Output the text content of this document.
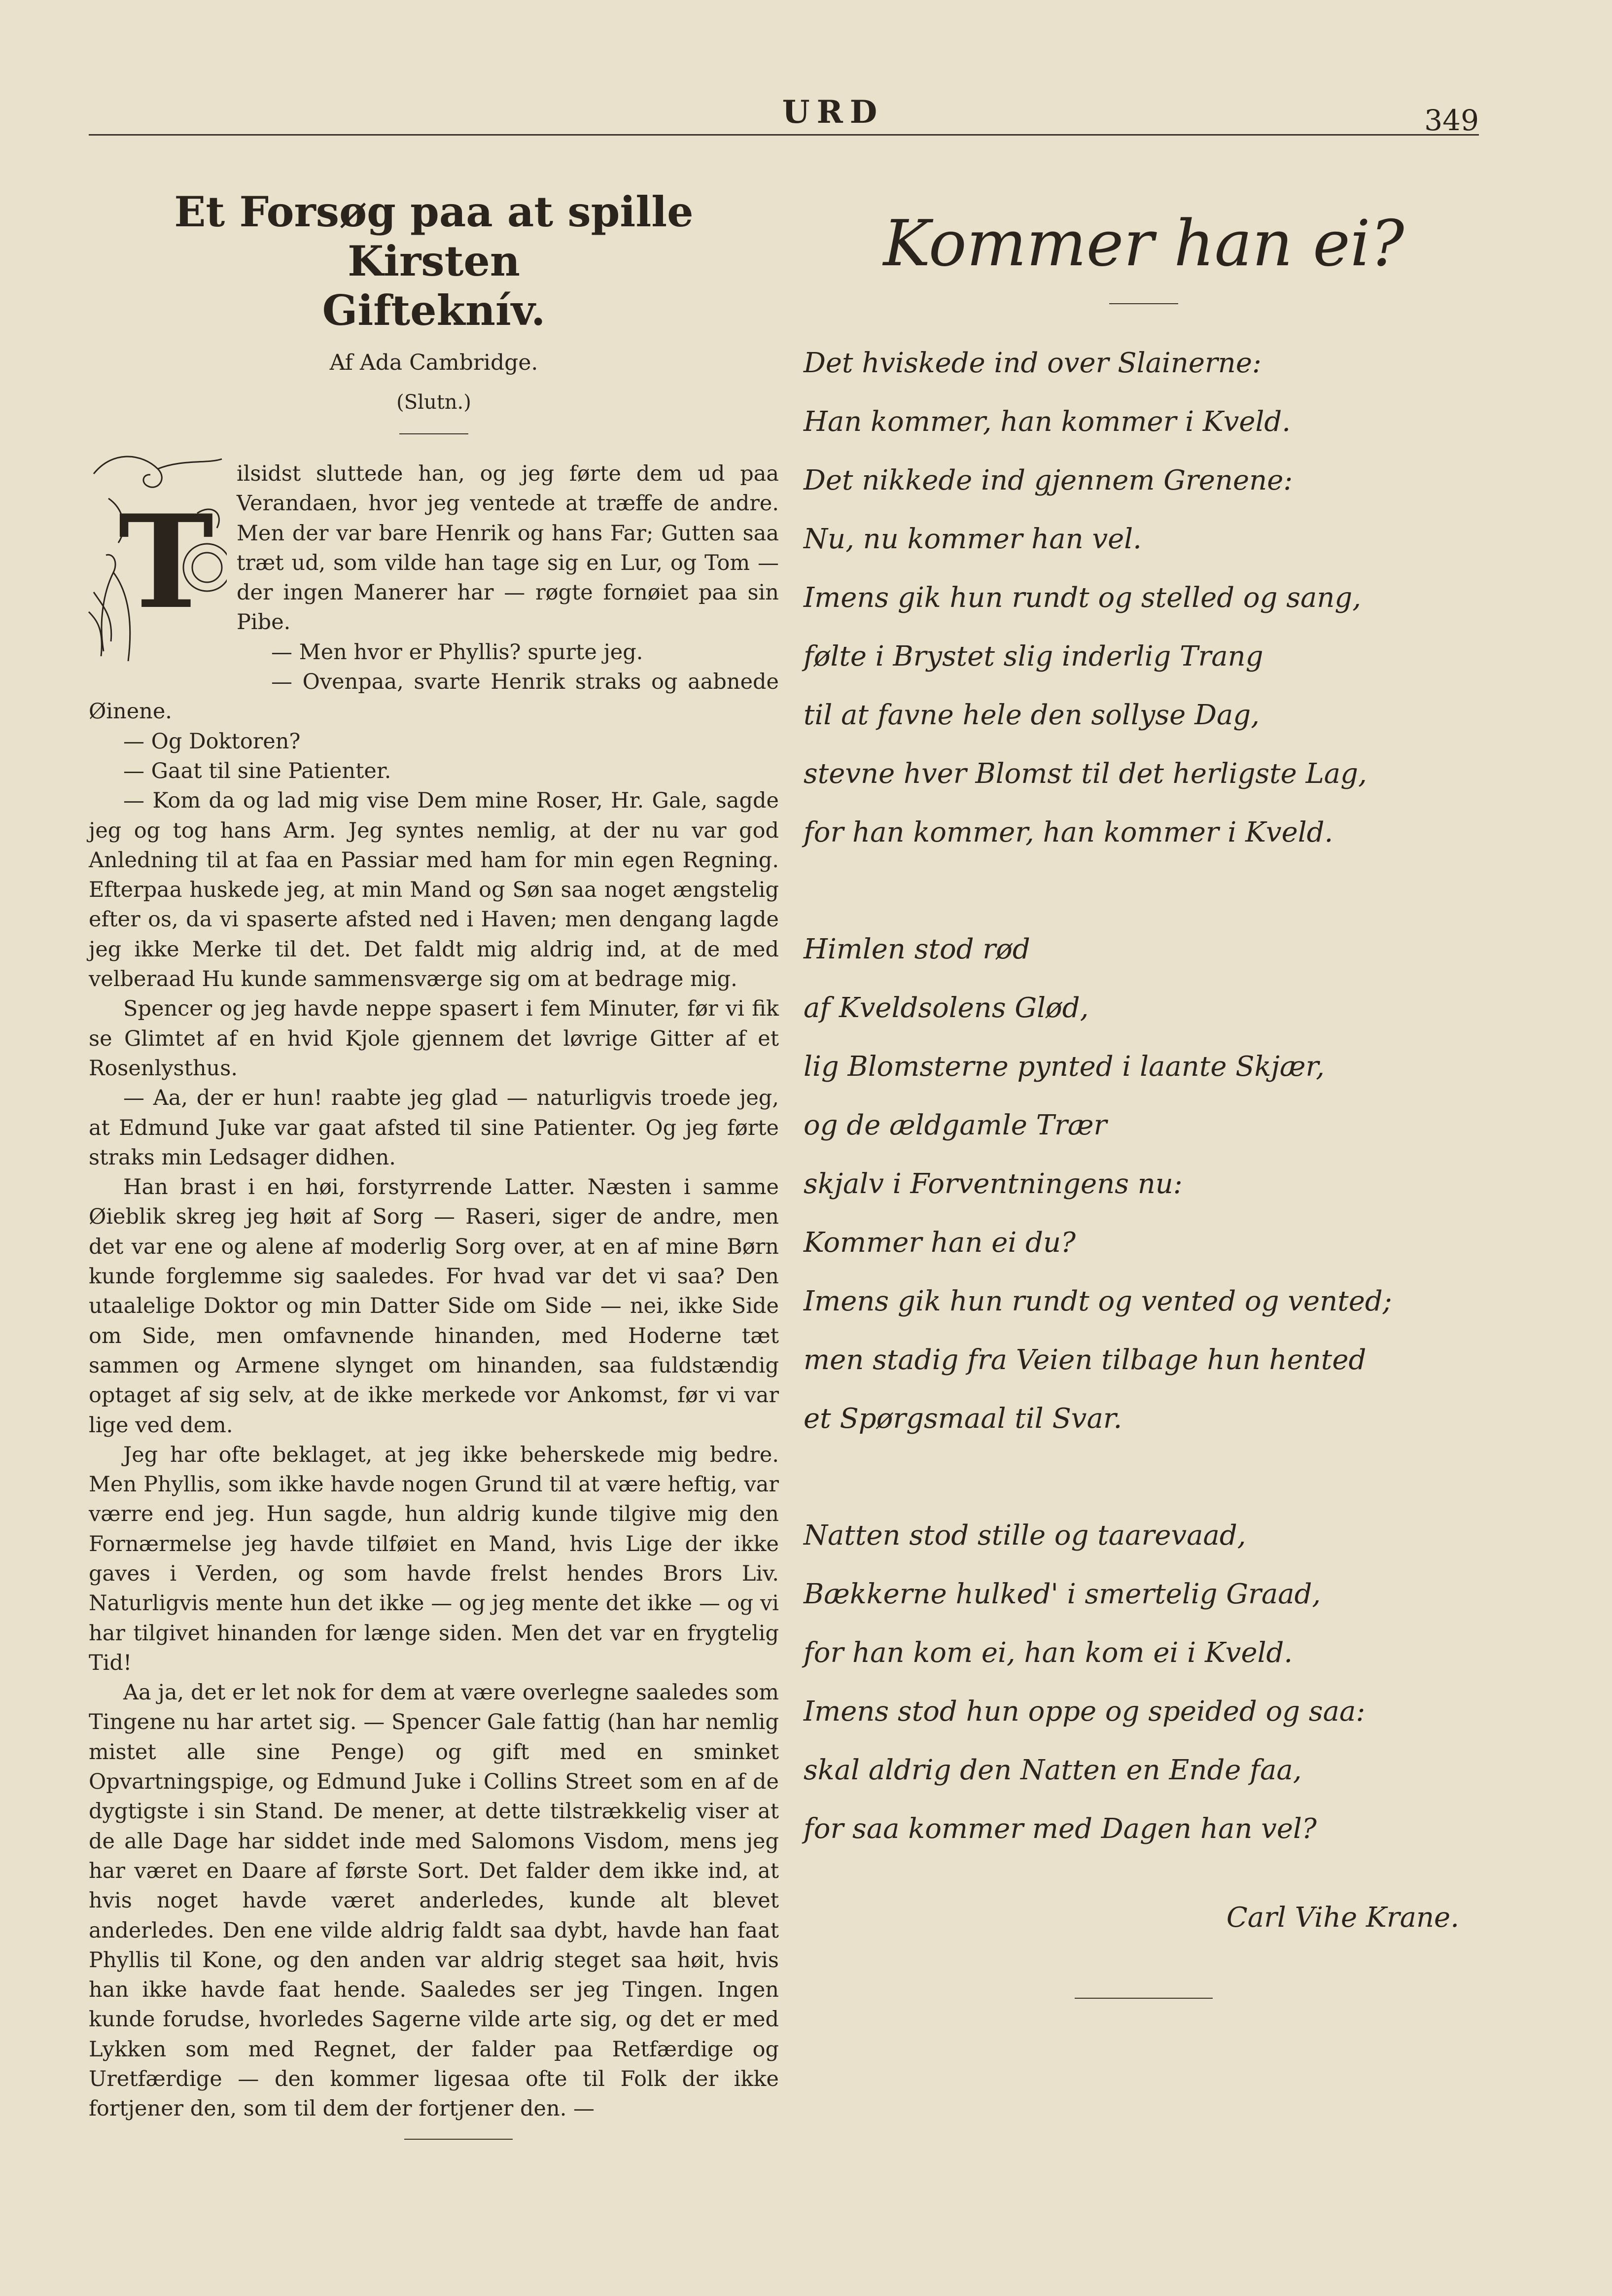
URD	349
Et Forsøg paa at spille Kirsten
Gifteknív.
Af Ada Cambridge.
(Slutn.)
T

ilsidst sluttede han, og jeg førte dem ud paa Verandaen, hvor jeg ventede at træffe de andre. Men der var bare Henrik og hans Far; Gutten saa træt ud, som vilde han tage sig en Lur, og Tom — der ingen Manerer har — røgte fornøiet paa sin Pibe.

— Men hvor er Phyllis? spurte jeg.

— Ovenpaa, svarte Henrik straks og aabnede Øinene.

— Og Doktoren?

— Gaat til sine Patienter.

— Kom da og lad mig vise Dem mine Roser, Hr. Gale, sagde jeg og tog hans Arm. Jeg syntes nemlig, at der nu var god Anledning til at faa en Passiar med ham for min egen Regning. Efterpaa huskede jeg, at min Mand og Søn saa noget ængstelig efter os, da vi spaserte afsted ned i Haven; men dengang lagde jeg ikke Merke til det. Det faldt mig aldrig ind, at de med velberaad Hu kunde sammensværge sig om at bedrage mig.

Spencer og jeg havde neppe spasert i fem Minuter, før vi fik se Glimtet af en hvid Kjole gjennem det løvrige Gitter af et Rosenlysthus.

— Aa, der er hun! raabte jeg glad — naturligvis troede jeg, at Edmund Juke var gaat afsted til sine Patienter. Og jeg førte straks min Ledsager didhen.

Han brast i en høi, forstyrrende Latter. Næsten i samme Øieblik skreg jeg høit af Sorg — Raseri, siger de andre, men det var ene og alene af moderlig Sorg over, at en af mine Børn kunde forglemme sig saaledes. For hvad var det vi saa? Den utaalelige Doktor og min Datter Side om Side — nei, ikke Side om Side, men omfavnende hinanden, med Hoderne tæt sammen og Armene slynget om hinanden, saa fuldstændig optaget af sig selv, at de ikke merkede vor Ankomst, før vi var lige ved dem.

Jeg har ofte beklaget, at jeg ikke beherskede mig bedre. Men Phyllis, som ikke havde nogen Grund til at være heftig, var værre end jeg. Hun sagde, hun aldrig kunde tilgive mig den Fornærmelse jeg havde tilføiet en Mand, hvis Lige der ikke gaves i Verden, og som havde frelst hendes Brors Liv. Naturligvis mente hun det ikke — og jeg mente det ikke — og vi har tilgivet hinanden for længe siden. Men det var en frygtelig Tid!

Aa ja, det er let nok for dem at være overlegne saaledes som Tingene nu har artet sig. — Spencer Gale fattig (han har nemlig mistet alle sine Penge) og gift med en sminket Opvartningspige, og Edmund Juke i Collins Street som en af de dygtigste i sin Stand. De mener, at dette tilstrækkelig viser at de alle Dage har siddet inde med Salomons Visdom, mens jeg har været en Daare af første Sort. Det falder dem ikke ind, at hvis noget havde været anderledes, kunde alt blevet anderledes. Den ene vilde aldrig faldt saa dybt, havde han faat Phyllis til Kone, og den anden var aldrig steget saa høit, hvis han ikke havde faat hende. Saaledes ser jeg Tingen. Ingen kunde forudse, hvorledes Sagerne vilde arte sig, og det er med Lykken som med Regnet, der falder paa Retfærdige og Uretfærdige — den kommer ligesaa ofte til Folk der ikke fortjener den, som til dem der fortjener den. —

Kommer han ei?
Det hviskede ind over Slainerne:
Han kommer, han kommer i Kveld.
Det nikkede ind gjennem Grenene:
Nu, nu kommer han vel.
Imens gik hun rundt og stelled og sang,
følte i Brystet slig inderlig Trang
til at favne hele den sollyse Dag,
stevne hver Blomst til det herligste Lag,
for han kommer, han kommer i Kveld.
Himlen stod rød
af Kveldsolens Glød,
lig Blomsterne pynted i laante Skjær,
og de ældgamle Trær
skjalv i Forventningens nu:
Kommer han ei du?
Imens gik hun rundt og vented og vented;
men stadig fra Veien tilbage hun hented
et Spørgsmaal til Svar.
Natten stod stille og taarevaad,
Bækkerne hulked' i smertelig Graad,
for han kom ei, han kom ei i Kveld.
Imens stod hun oppe og speided og saa:
skal aldrig den Natten en Ende faa,
for saa kommer med Dagen han vel?
Carl Vihe Krane.
